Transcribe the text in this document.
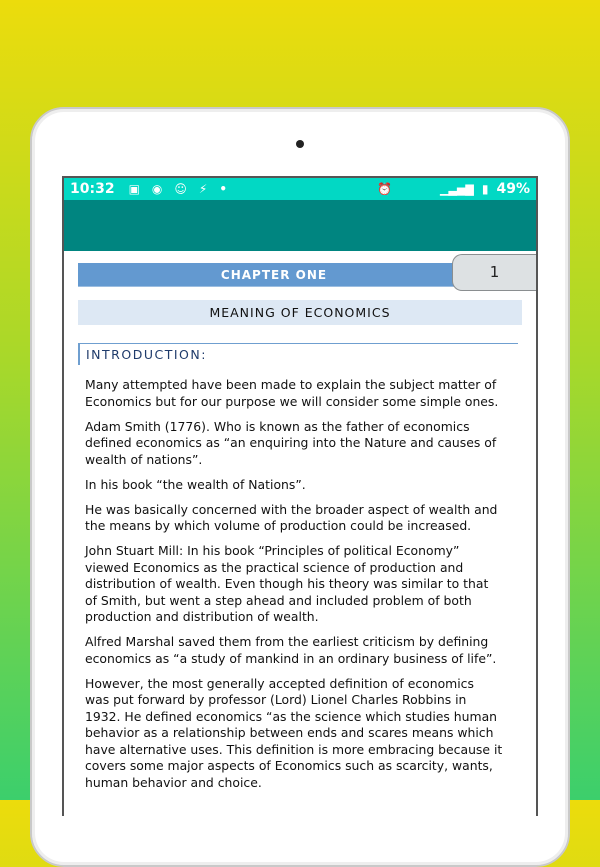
10:32 ▣ ◉ ☺ ⚡ •	⏰	▁▃▅▇ ▮ 49%
CHAPTER ONE	1
MEANING OF ECONOMICS
INTRODUCTION:

Many attempted have been made to explain the subject matter of
Economics but for our purpose we will consider some simple ones.

Adam Smith (1776). Who is known as the father of economics
defined economics as “an enquiring into the Nature and causes of
wealth of nations”.

In his book “the wealth of Nations”.

He was basically concerned with the broader aspect of wealth and
the means by which volume of production could be increased.

John Stuart Mill: In his book “Principles of political Economy”
viewed Economics as the practical science of production and
distribution of wealth. Even though his theory was similar to that
of Smith, but went a step ahead and included problem of both
production and distribution of wealth.

Alfred Marshal saved them from the earliest criticism by defining
economics as “a study of mankind in an ordinary business of life”.

However, the most generally accepted definition of economics
was put forward by professor (Lord) Lionel Charles Robbins in
1932. He defined economics “as the science which studies human
behavior as a relationship between ends and scares means which
have alternative uses. This definition is more embracing because it
covers some major aspects of Economics such as scarcity, wants,
human behavior and choice.
